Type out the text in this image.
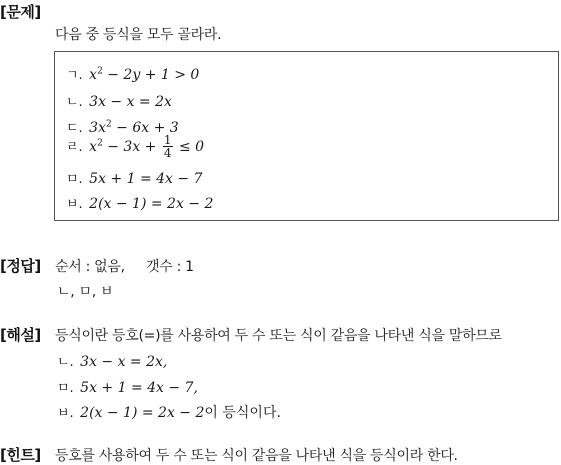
[문제]
다음 중 등식을 모두 골라라.
ㄱ. $x^2 - 2y + 1 > 0$
ㄴ. 3x − x = 2x
ㄷ. $3x^2 - 6x + 3$
ㄹ. $x^2 - 3x + \frac{1}{4} \le 0$
ㅁ. 5x + 1 = 4x − 7
ㅂ. 2(x − 1) = 2x − 2
[정답] 순서 : 없음, 갯수 : 1
ㄴ, ㅁ, ㅂ
[해설] 등식이란 등호(=)를 사용하여 두 수 또는 식이 같음을 나타낸 식을 말하므로
ㄴ. 3x − x = 2x,
ㅁ. 5x + 1 = 4x − 7,
ㅂ. 2(x − 1) = 2x − 2이 등식이다.
[힌트] 등호를 사용하여 두 수 또는 식이 같음을 나타낸 식을 등식이라 한다.
